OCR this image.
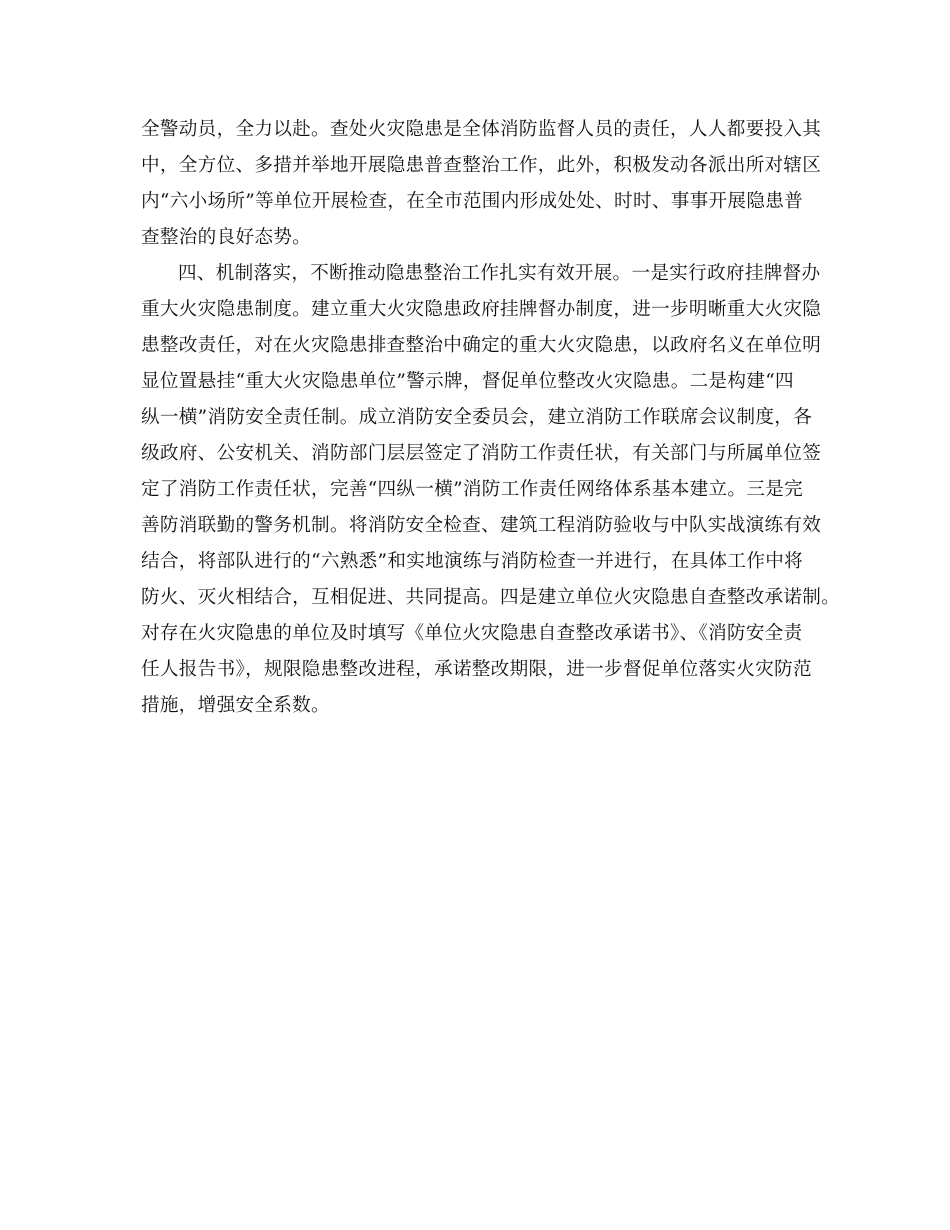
全警动员，全力以赴。查处火灾隐患是全体消防监督人员的责任，人人都要投入其
中，全方位、多措并举地开展隐患普查整治工作，此外，积极发动各派出所对辖区
内“六小场所”等单位开展检查，在全市范围内形成处处、时时、事事开展隐患普
查整治的良好态势。
四、机制落实，不断推动隐患整治工作扎实有效开展。一是实行政府挂牌督办
重大火灾隐患制度。建立重大火灾隐患政府挂牌督办制度，进一步明晰重大火灾隐
患整改责任，对在火灾隐患排查整治中确定的重大火灾隐患，以政府名义在单位明
显位置悬挂“重大火灾隐患单位”警示牌，督促单位整改火灾隐患。二是构建“四
纵一横”消防安全责任制。成立消防安全委员会，建立消防工作联席会议制度，各
级政府、公安机关、消防部门层层签定了消防工作责任状，有关部门与所属单位签
定了消防工作责任状，完善“四纵一横”消防工作责任网络体系基本建立。三是完
善防消联勤的警务机制。将消防安全检查、建筑工程消防验收与中队实战演练有效
结合，将部队进行的“六熟悉”和实地演练与消防检查一并进行，在具体工作中将
防火、灭火相结合，互相促进、共同提高。四是建立单位火灾隐患自查整改承诺制。
对存在火灾隐患的单位及时填写《单位火灾隐患自查整改承诺书》、《消防安全责
任人报告书》，规限隐患整改进程，承诺整改期限，进一步督促单位落实火灾防范
措施，增强安全系数。
